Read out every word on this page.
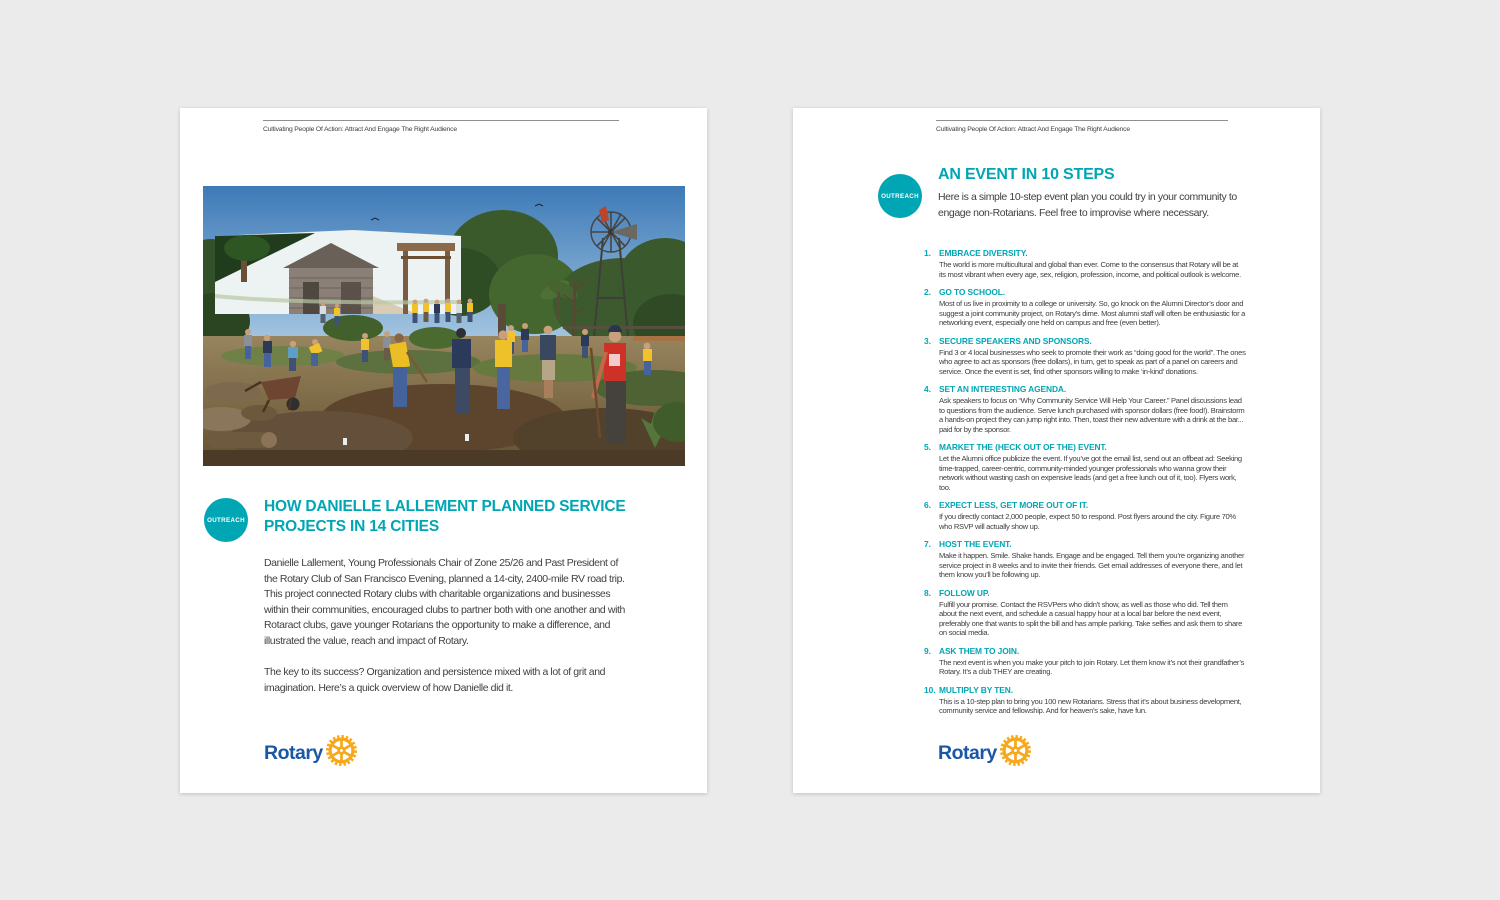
Cultivating People Of Action: Attract And Engage The Right Audience
OUTREACH
HOW DANIELLE LALLEMENT PLANNED SERVICE PROJECTS IN 14 CITIES

Danielle Lallement, Young Professionals Chair of Zone 25/26 and Past President of the Rotary Club of San Francisco Evening, planned a 14-city, 2400-mile RV road trip. This project connected Rotary clubs with charitable organizations and businesses within their communities, encouraged clubs to partner both with one another and with Rotaract clubs, gave younger Rotarians the opportunity to make a difference, and illustrated the value, reach and impact of Rotary.

The key to its success? Organization and persistence mixed with a lot of grit and imagination. Here’s a quick overview of how Danielle did it.

Rotary
Cultivating People Of Action: Attract And Engage The Right Audience
OUTREACH
AN EVENT IN 10 STEPS

Here is a simple 10-step event plan you could try in your community to engage non-Rotarians. Feel free to improvise where necessary.

1. EMBRACE DIVERSITY.
The world is more multicultural and global than ever. Come to the consensus that Rotary will be at its most vibrant when every age, sex, religion, profession, income, and political outlook is welcome.
2. GO TO SCHOOL.
Most of us live in proximity to a college or university. So, go knock on the Alumni Director’s door and suggest a joint community project, on Rotary’s dime. Most alumni staff will often be enthusiastic for a networking event, especially one held on campus and free (even better).
3. SECURE SPEAKERS AND SPONSORS.
Find 3 or 4 local businesses who seek to promote their work as “doing good for the world”. The ones who agree to act as sponsors (free dollars), in turn, get to speak as part of a panel on careers and service. Once the event is set, find other sponsors willing to make ‘in-kind’ donations.
4. SET AN INTERESTING AGENDA.
Ask speakers to focus on “Why Community Service Will Help Your Career.” Panel discussions lead to questions from the audience. Serve lunch purchased with sponsor dollars (free food!). Brainstorm a hands-on project they can jump right into. Then, toast their new adventure with a drink at the bar... paid for by the sponsor.
5. MARKET THE (HECK OUT OF THE) EVENT.
Let the Alumni office publicize the event. If you’ve got the email list, send out an offbeat ad: Seeking time-trapped, career-centric, community-minded younger professionals who wanna grow their network without wasting cash on expensive leads (and get a free lunch out of it, too). Flyers work, too.
6. EXPECT LESS, GET MORE OUT OF IT.
If you directly contact 2,000 people, expect 50 to respond. Post flyers around the city. Figure 70% who RSVP will actually show up.
7. HOST THE EVENT.
Make it happen. Smile. Shake hands. Engage and be engaged. Tell them you’re organizing another service project in 8 weeks and to invite their friends. Get email addresses of everyone there, and let them know you’ll be following up.
8. FOLLOW UP.
Fulfill your promise. Contact the RSVPers who didn’t show, as well as those who did. Tell them about the next event, and schedule a casual happy hour at a local bar before the next event, preferably one that wants to split the bill and has ample parking. Take selfies and ask them to share on social media.
9. ASK THEM TO JOIN.
The next event is when you make your pitch to join Rotary. Let them know it’s not their grandfather’s Rotary. It’s a club THEY are creating.
10. MULTIPLY BY TEN.
This is a 10-step plan to bring you 100 new Rotarians. Stress that it’s about business development, community service and fellowship. And for heaven’s sake, have fun.
Rotary
